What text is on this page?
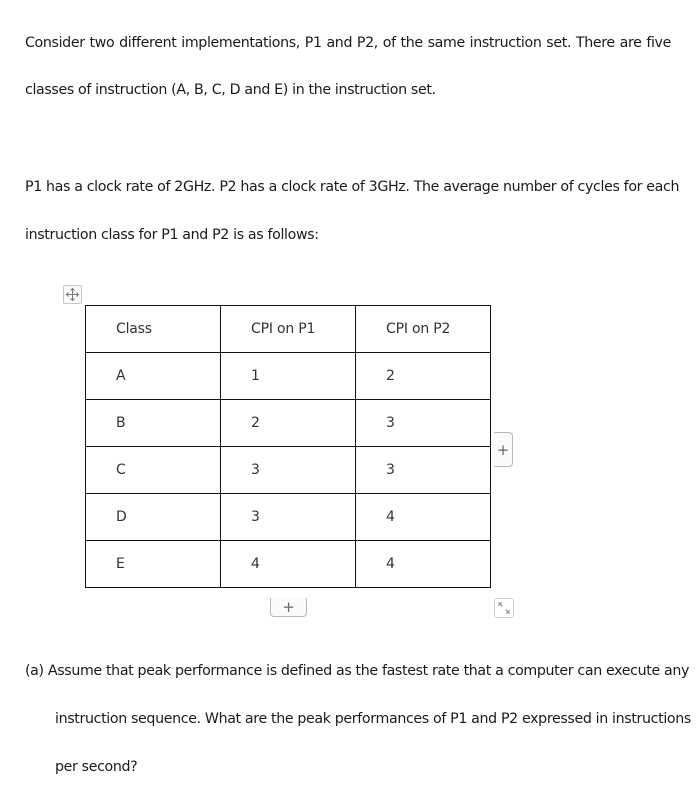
Consider two different implementations, P1 and P2, of the same instruction set. There are five
classes of instruction (A, B, C, D and E) in the instruction set.
P1 has a clock rate of 2GHz. P2 has a clock rate of 3GHz. The average number of cycles for each
instruction class for P1 and P2 is as follows:
Class	CPI on P1	CPI on P2
A	1	2
B	2	3
C	3	3
D	3	4
E	4	4
+
+
(a) Assume that peak performance is defined as the fastest rate that a computer can execute any
instruction sequence. What are the peak performances of P1 and P2 expressed in instructions
per second?
